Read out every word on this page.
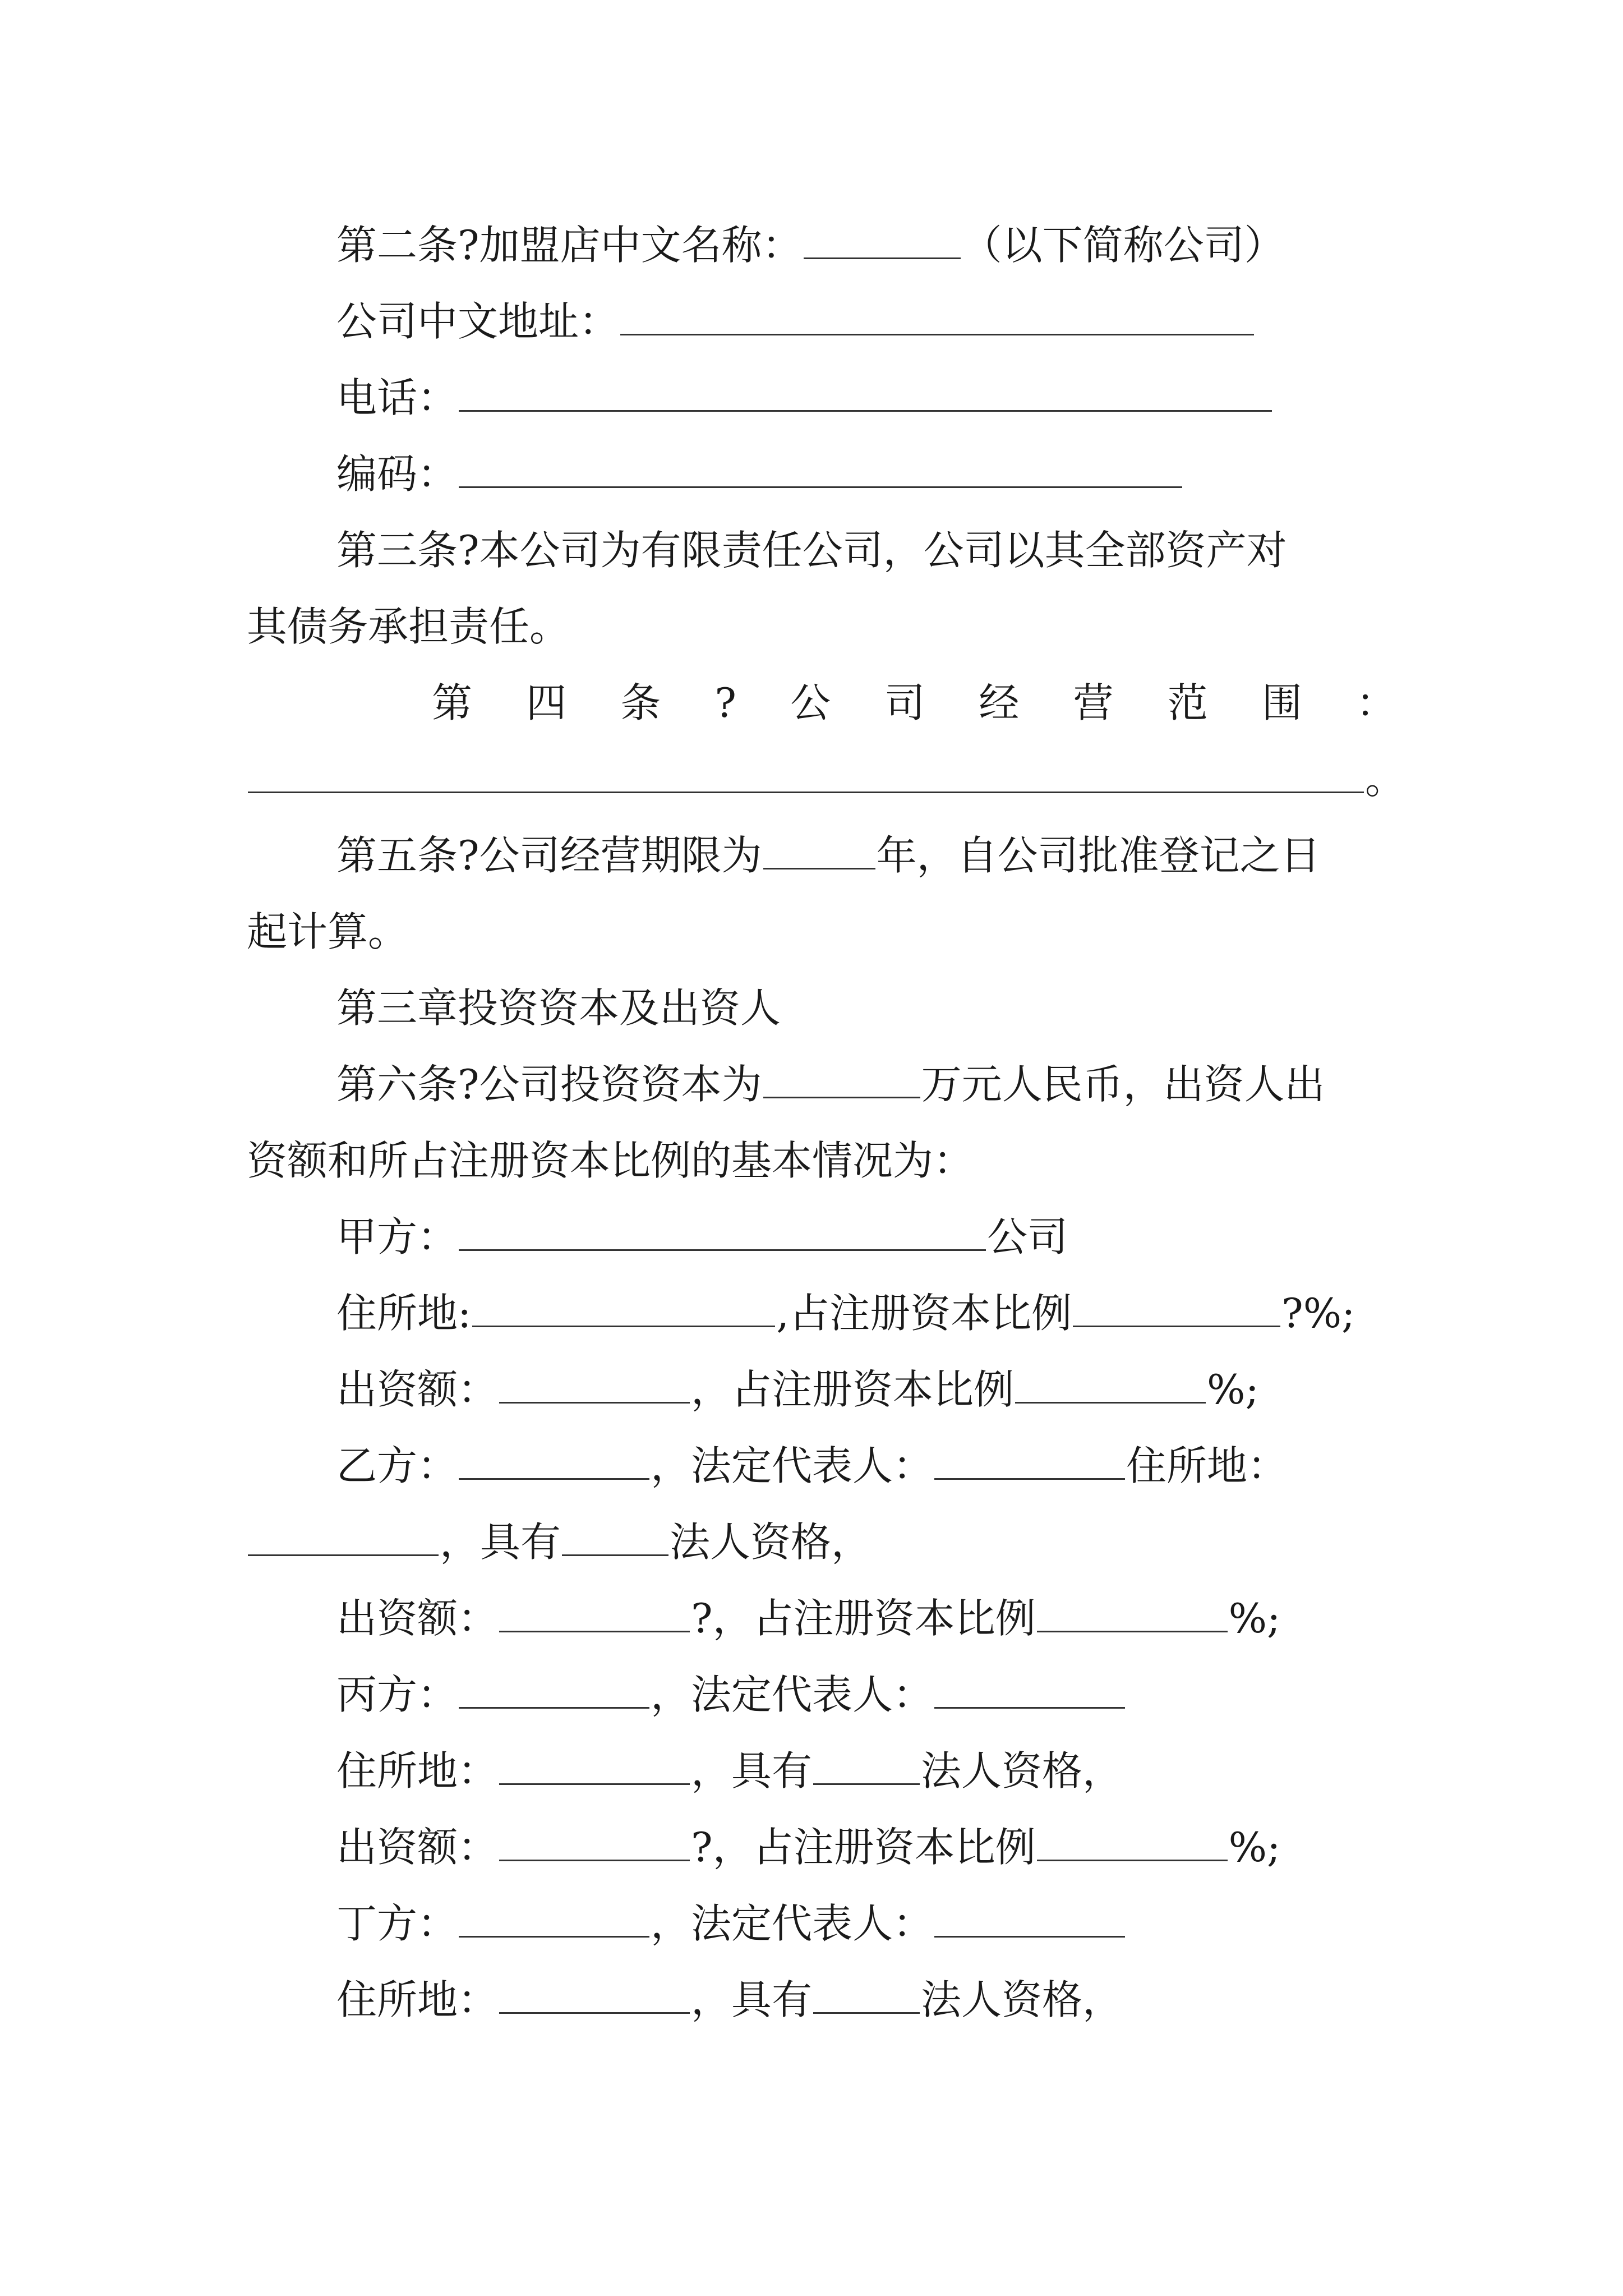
第二条?加盟店中文名称：	（以下简称公司）
公司中文地址：
电话：
编码：
第三条?本公司为有限责任公司，公司以其全部资产对
其债务承担责任。
第 四 条 ? 公 司 经 营 范 围 ：
。
第五条?公司经营期限为	年，自公司批准登记之日
起计算。
第三章投资资本及出资人
第六条?公司投资资本为	万元人民币，出资人出
资额和所占注册资本比例的基本情况为：
甲方：	公司
住所地:	,占注册资本比例	?%;
出资额：	，占注册资本比例	%;
乙方：	，法定代表人：	住所地：
，具有	法人资格，
出资额：	?，占注册资本比例	%;
丙方：	，法定代表人：
住所地：	，具有	法人资格，
出资额：	?，占注册资本比例	%;
丁方：	，法定代表人：
住所地：	，具有	法人资格，
